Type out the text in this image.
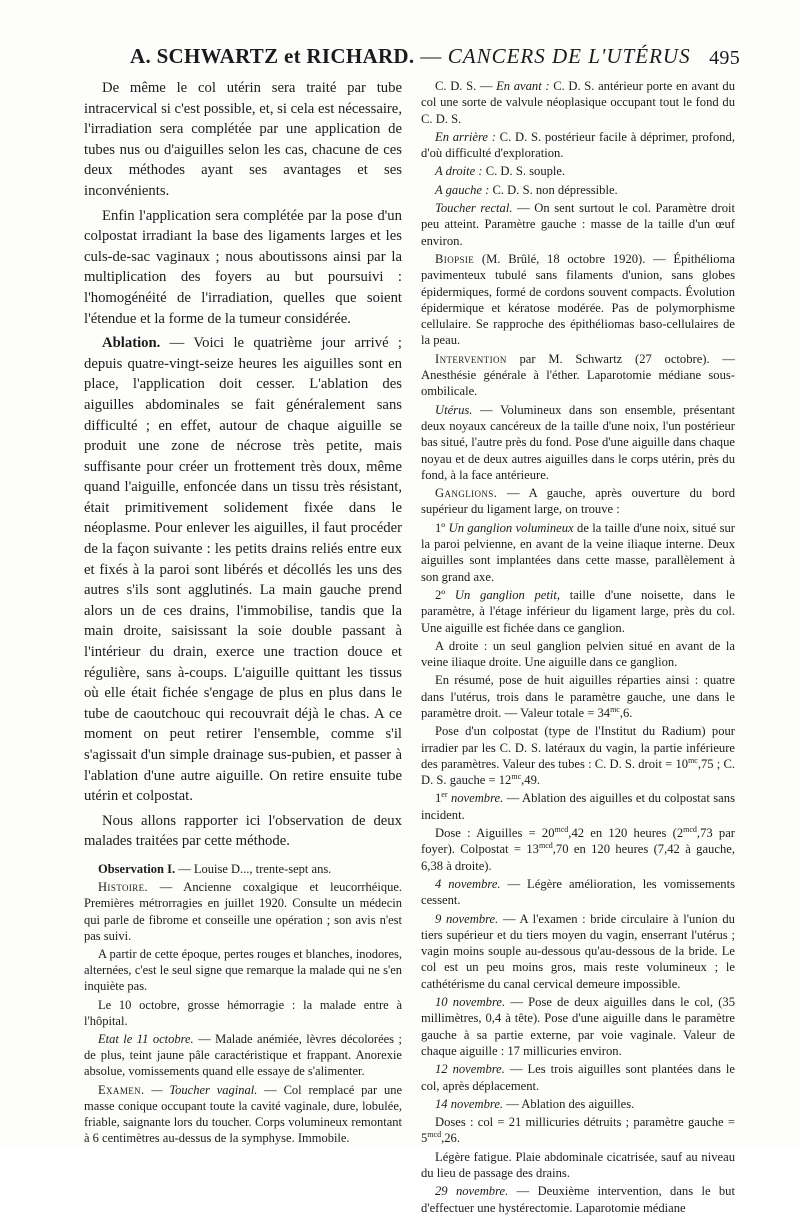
A. SCHWARTZ et RICHARD. — CANCERS DE L'UTÉRUS 495

De même le col utérin sera traité par tube intracervical si c'est possible, et, si cela est nécessaire, l'irradiation sera complétée par une application de tubes nus ou d'aiguilles selon les cas, chacune de ces deux méthodes ayant ses avantages et ses inconvénients.

Enfin l'application sera complétée par la pose d'un colpostat irradiant la base des ligaments larges et les culs-de-sac vaginaux ; nous aboutissons ainsi par la multiplication des foyers au but poursuivi : l'homogénéité de l'irradiation, quelles que soient l'étendue et la forme de la tumeur considérée.

Ablation. — Voici le quatrième jour arrivé ; depuis quatre-vingt-seize heures les aiguilles sont en place, l'application doit cesser. L'ablation des aiguilles abdominales se fait généralement sans difficulté ; en effet, autour de chaque aiguille se produit une zone de nécrose très petite, mais suffisante pour créer un frottement très doux, même quand l'aiguille, enfoncée dans un tissu très résistant, était primitivement solidement fixée dans le néoplasme. Pour enlever les aiguilles, il faut procéder de la façon suivante : les petits drains reliés entre eux et fixés à la paroi sont libérés et décollés les uns des autres s'ils sont agglutinés. La main gauche prend alors un de ces drains, l'immobilise, tandis que la main droite, saisissant la soie double passant à l'intérieur du drain, exerce une traction douce et régulière, sans à-coups. L'aiguille quittant les tissus où elle était fichée s'engage de plus en plus dans le tube de caoutchouc qui recouvrait déjà le chas. A ce moment on peut retirer l'ensemble, comme s'il s'agissait d'un simple drainage sus-pubien, et passer à l'ablation d'une autre aiguille. On retire ensuite tube utérin et colpostat.

Nous allons rapporter ici l'observation de deux malades traitées par cette méthode.

Observation I. — Louise D..., trente-sept ans.

Histoire. — Ancienne coxalgique et leucorrhéique. Premières métrorragies en juillet 1920. Consulte un médecin qui parle de fibrome et conseille une opération ; son avis n'est pas suivi.

A partir de cette époque, pertes rouges et blanches, inodores, alternées, c'est le seul signe que remarque la malade qui ne s'en inquiète pas.

Le 10 octobre, grosse hémorragie : la malade entre à l'hôpital.

Etat le 11 octobre. — Malade anémiée, lèvres décolorées ; de plus, teint jaune pâle caractéristique et frappant. Anorexie absolue, vomissements quand elle essaye de s'alimenter.

Examen. — Toucher vaginal. — Col remplacé par une masse conique occupant toute la cavité vaginale, dure, lobulée, friable, saignante lors du toucher. Corps volumineux remontant à 6 centimètres au-dessus de la symphyse. Immobile.

C. D. S. — En avant : C. D. S. antérieur porte en avant du col une sorte de valvule néoplasique occupant tout le fond du C. D. S.

En arrière : C. D. S. postérieur facile à déprimer, profond, d'où difficulté d'exploration.

A droite : C. D. S. souple.

A gauche : C. D. S. non dépressible.

Toucher rectal. — On sent surtout le col. Paramètre droit peu atteint. Paramètre gauche : masse de la taille d'un œuf environ.

Biopsie (M. Brûlé, 18 octobre 1920). — Épithélioma pavimenteux tubulé sans filaments d'union, sans globes épidermiques, formé de cordons souvent compacts. Évolution épidermique et kératose modérée. Pas de polymorphisme cellulaire. Se rapproche des épithéliomas baso-cellulaires de la peau.

Intervention par M. Schwartz (27 octobre). — Anesthésie générale à l'éther. Laparotomie médiane sous-ombilicale.

Utérus. — Volumineux dans son ensemble, présentant deux noyaux cancéreux de la taille d'une noix, l'un postérieur bas situé, l'autre près du fond. Pose d'une aiguille dans chaque noyau et de deux autres aiguilles dans le corps utérin, près du fond, à la face antérieure.

Ganglions. — A gauche, après ouverture du bord supérieur du ligament large, on trouve :

1º Un ganglion volumineux de la taille d'une noix, situé sur la paroi pelvienne, en avant de la veine iliaque interne. Deux aiguilles sont implantées dans cette masse, parallèlement à son grand axe.

2º Un ganglion petit, taille d'une noisette, dans le paramètre, à l'étage inférieur du ligament large, près du col. Une aiguille est fichée dans ce ganglion.

A droite : un seul ganglion pelvien situé en avant de la veine iliaque droite. Une aiguille dans ce ganglion.

En résumé, pose de huit aiguilles réparties ainsi : quatre dans l'utérus, trois dans le paramètre gauche, une dans le paramètre droit. — Valeur totale = $34^{mc},6$.

Pose d'un colpostat (type de l'Institut du Radium) pour irradier par les C. D. S. latéraux du vagin, la partie inférieure des paramètres. Valeur des tubes : C. D. S. droit = $10^{mc},75$ ; C. D. S. gauche = $12^{mc},49$.

1er novembre. — Ablation des aiguilles et du colpostat sans incident.

Dose : Aiguilles = $20^{mcd},42$ en 120 heures ($2^{mcd},73$ par foyer). Colpostat = $13^{mcd},70$ en 120 heures (7,42 à gauche, 6,38 à droite).

4 novembre. — Légère amélioration, les vomissements cessent.

9 novembre. — A l'examen : bride circulaire à l'union du tiers supérieur et du tiers moyen du vagin, enserrant l'utérus ; vagin moins souple au-dessous qu'au-dessous de la bride. Le col est un peu moins gros, mais reste volumineux ; le cathétérisme du canal cervical demeure impossible.

10 novembre. — Pose de deux aiguilles dans le col, (35 millimètres, 0,4 à tête). Pose d'une aiguille dans le paramètre gauche à sa partie externe, par voie vaginale. Valeur de chaque aiguille : 17 millicuries environ.

12 novembre. — Les trois aiguilles sont plantées dans le col, après déplacement.

14 novembre. — Ablation des aiguilles.

Doses : col = 21 millicuries détruits ; paramètre gauche = $5^{mcd},26$.

Légère fatigue. Plaie abdominale cicatrisée, sauf au niveau du lieu de passage des drains.

29 novembre. — Deuxième intervention, dans le but d'effectuer une hystérectomie. Laparotomie médiane
